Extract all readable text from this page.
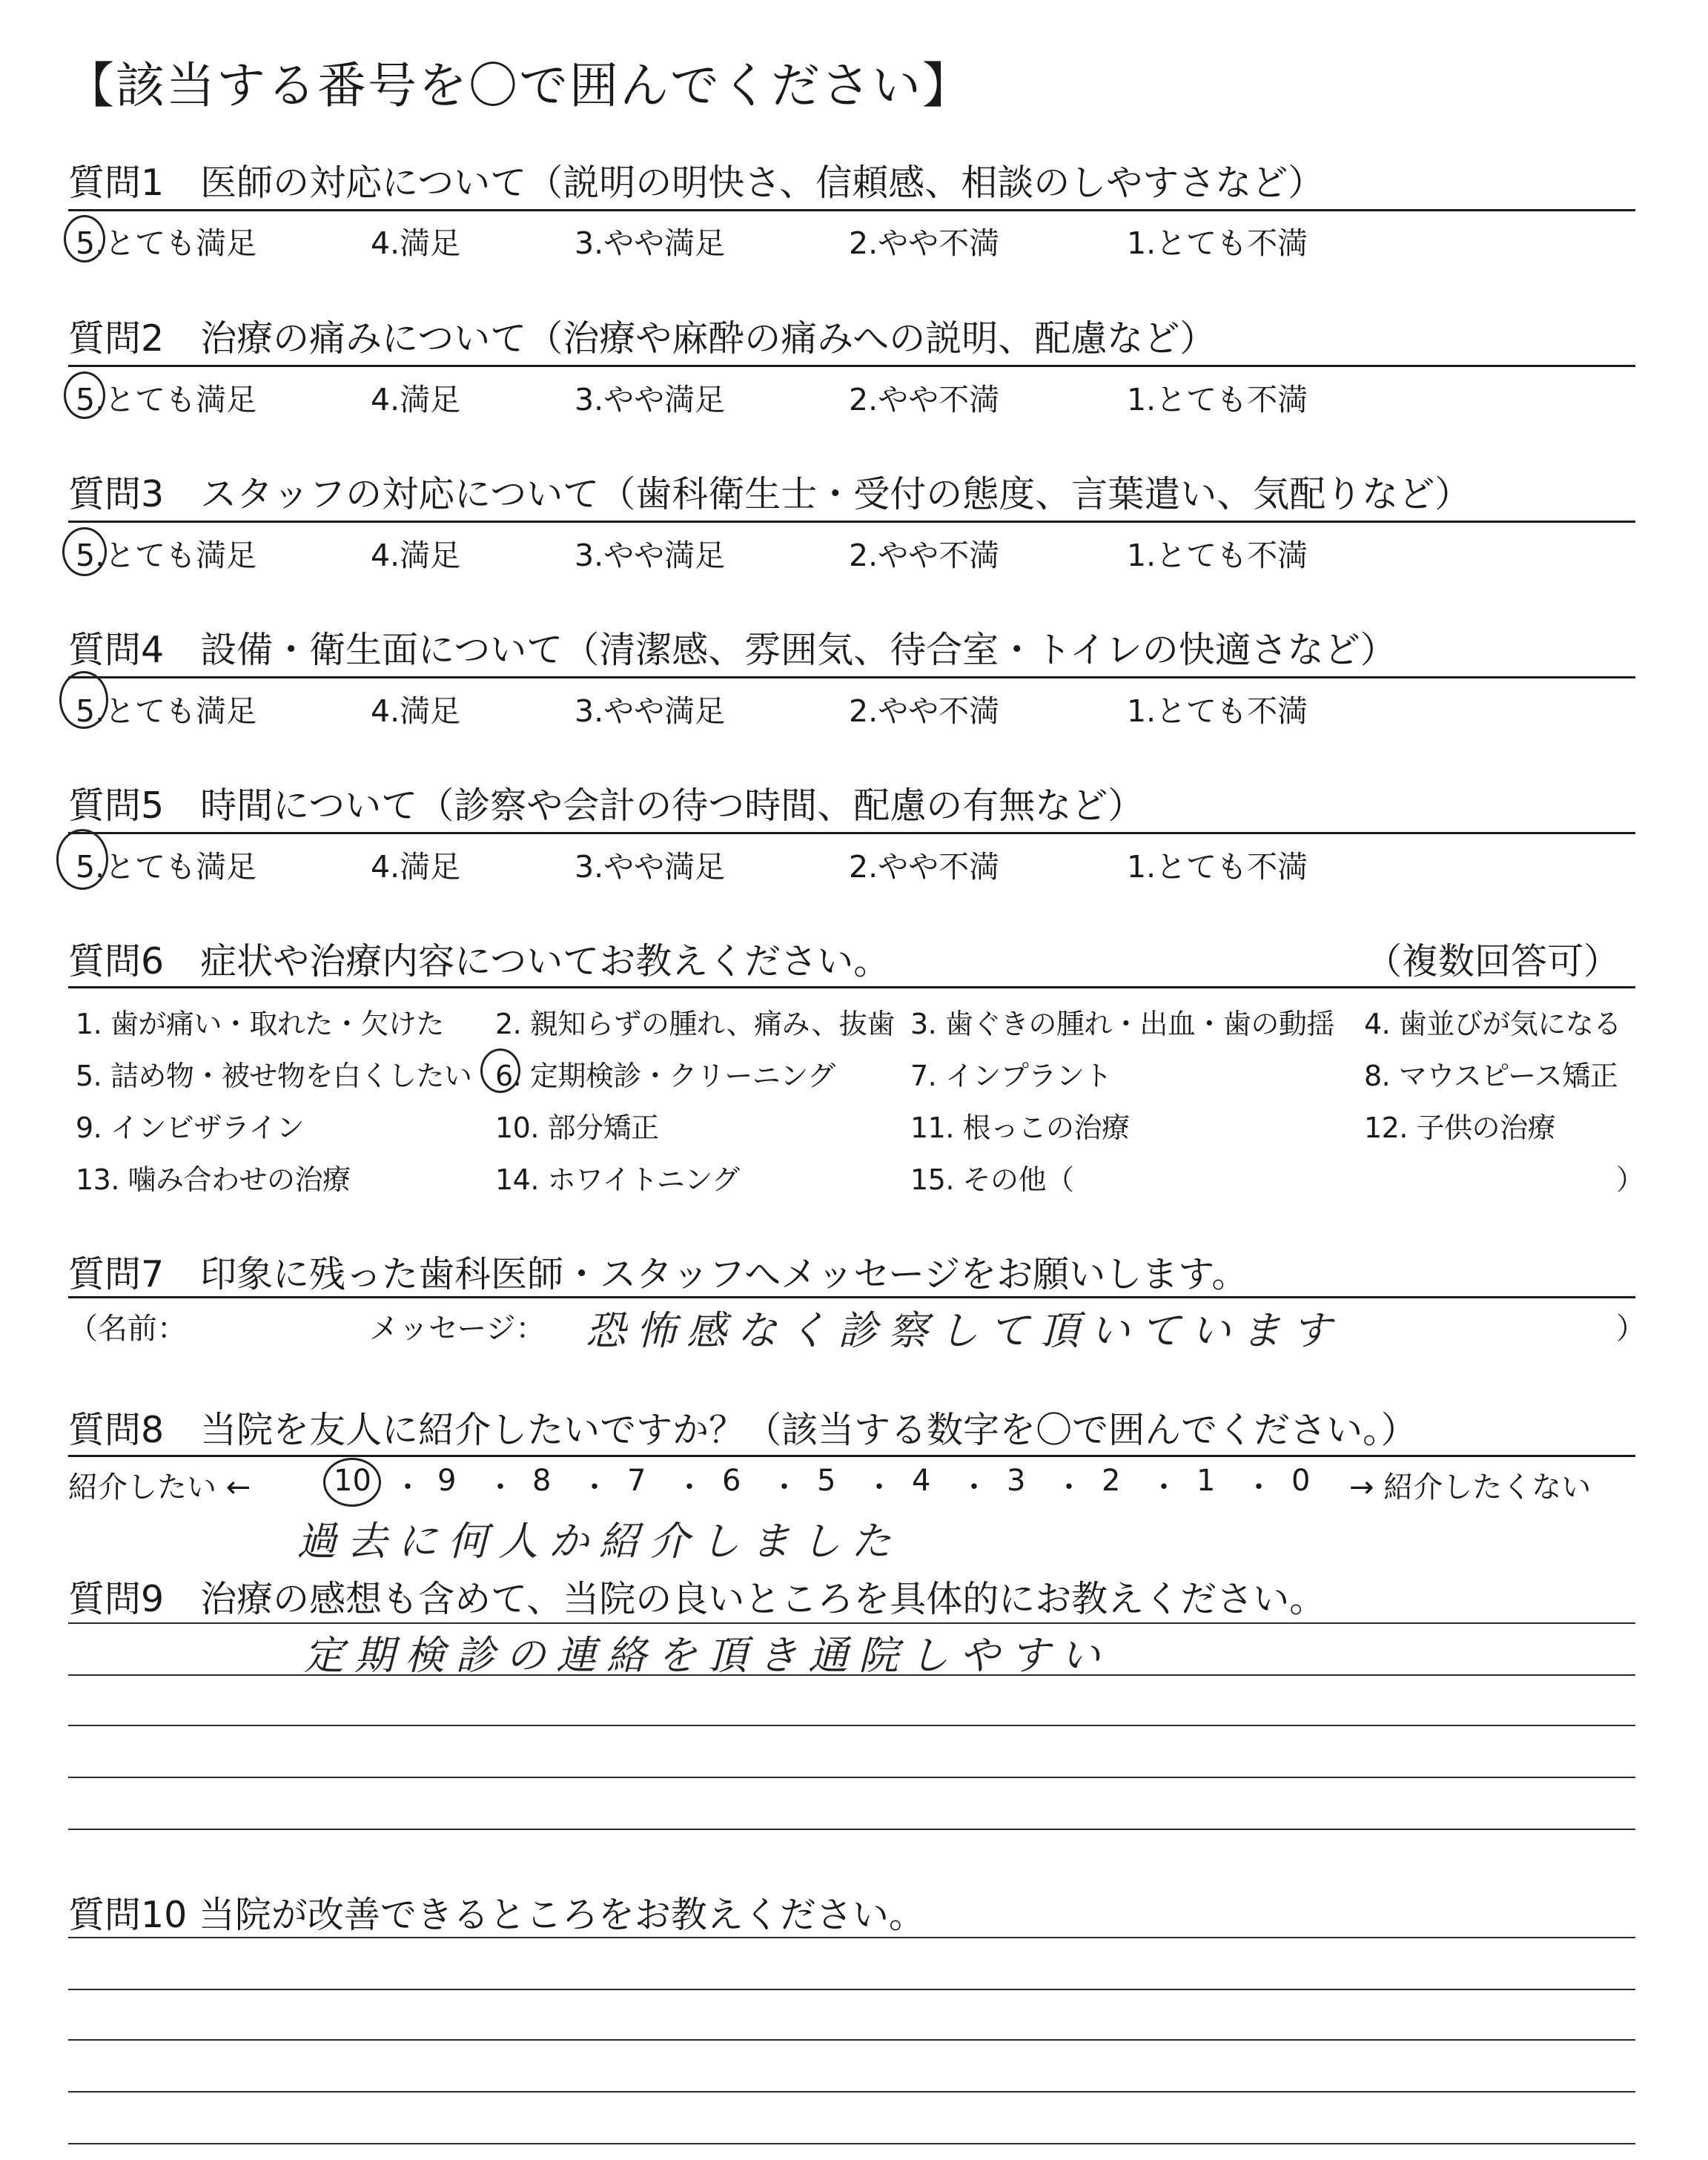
【該当する番号を〇で囲んでください】
質問1　医師の対応について（説明の明快さ、信頼感、相談のしやすさなど）
5.とても満足	4.満足	3.やや満足	2.やや不満	1.とても不満
質問2　治療の痛みについて（治療や麻酔の痛みへの説明、配慮など）
5.とても満足	4.満足	3.やや満足	2.やや不満	1.とても不満
質問3　スタッフの対応について（歯科衛生士・受付の態度、言葉遣い、気配りなど）
5.とても満足	4.満足	3.やや満足	2.やや不満	1.とても不満
質問4　設備・衛生面について（清潔感、雰囲気、待合室・トイレの快適さなど）
5.とても満足	4.満足	3.やや満足	2.やや不満	1.とても不満
質問5　時間について（診察や会計の待つ時間、配慮の有無など）
5.とても満足	4.満足	3.やや満足	2.やや不満	1.とても不満
質問6　症状や治療内容についてお教えください。	（複数回答可）
1. 歯が痛い・取れた・欠けた 2. 親知らずの腫れ、痛み、抜歯 3. 歯ぐきの腫れ・出血・歯の動揺 4. 歯並びが気になる
5. 詰め物・被せ物を白くしたい 6. 定期検診・クリーニング	7. インプラント	8. マウスピース矯正
9. インビザライン	10. 部分矯正	11. 根っこの治療	12. 子供の治療
13. 噛み合わせの治療	14. ホワイトニング	15. その他（	）
質問7　印象に残った歯科医師・スタッフへメッセージをお願いします。
（名前：	メッセージ： 恐怖感なく診察して頂いています	）
質問8　当院を友人に紹介したいですか？（該当する数字を〇で囲んでください。）
紹介したい ←	10 ・ 9 ・ 8 ・ 7 ・ 6 ・ 5 ・ 4 ・ 3 ・ 2 ・ 1 ・ 0 → 紹介したくない
過去に何人か紹介しました
質問9　治療の感想も含めて、当院の良いところを具体的にお教えください。
定期検診の連絡を頂き通院しやすい
質問10 当院が改善できるところをお教えください。
